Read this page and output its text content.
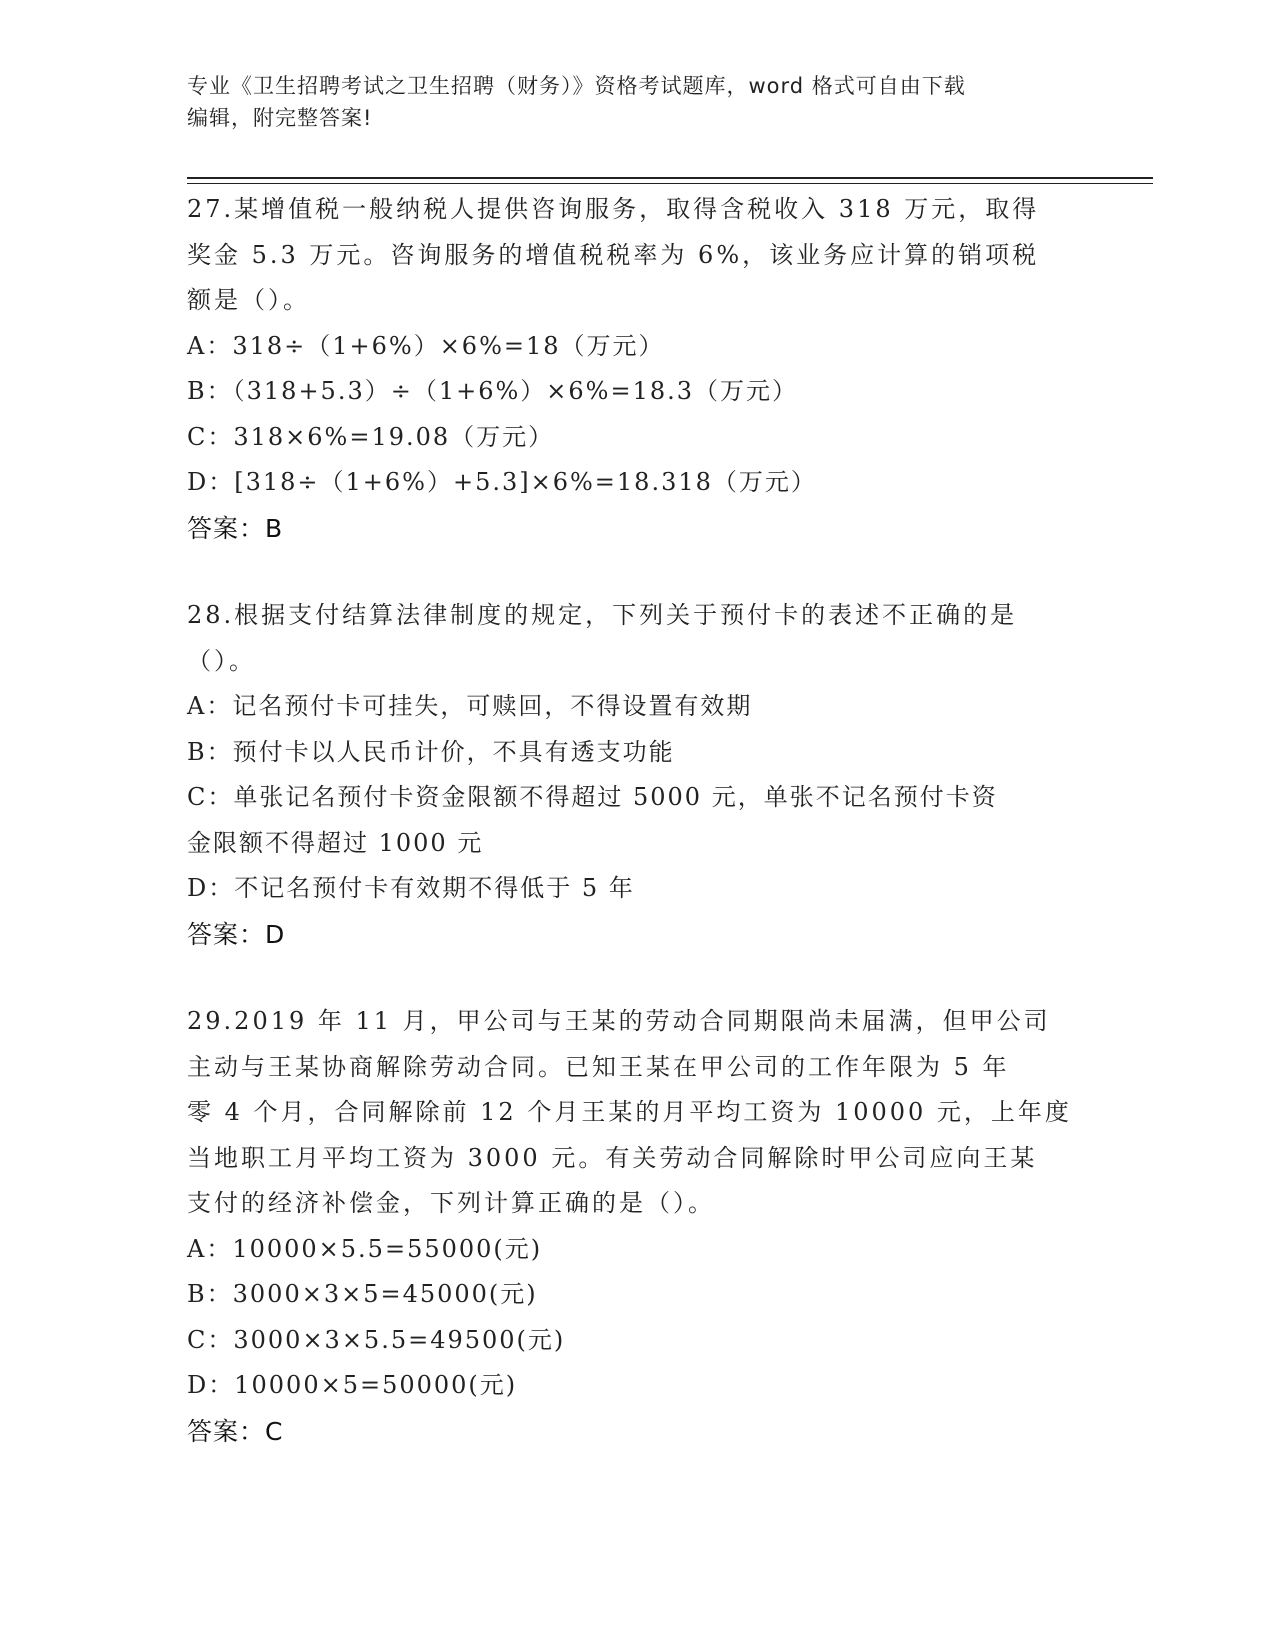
专业《卫生招聘考试之卫生招聘（财务）》资格考试题库，word 格式可自由下载
编辑，附完整答案!
27.某增值税一般纳税人提供咨询服务，取得含税收入 318 万元，取得
奖金 5.3 万元。咨询服务的增值税税率为 6%，该业务应计算的销项税
额是（）。
A：318÷（1+6%）×6%=18（万元）
B：（318+5.3）÷（1+6%）×6%=18.3（万元）
C：318×6%=19.08（万元）
D：[318÷（1+6%）+5.3]×6%=18.318（万元）
答案：B
28.根据支付结算法律制度的规定，下列关于预付卡的表述不正确的是
（）。
A：记名预付卡可挂失，可赎回，不得设置有效期
B：预付卡以人民币计价，不具有透支功能
C：单张记名预付卡资金限额不得超过 5000 元，单张不记名预付卡资
金限额不得超过 1000 元
D：不记名预付卡有效期不得低于 5 年
答案：D
29.2019 年 11 月，甲公司与王某的劳动合同期限尚未届满，但甲公司
主动与王某协商解除劳动合同。已知王某在甲公司的工作年限为 5 年
零 4 个月，合同解除前 12 个月王某的月平均工资为 10000 元，上年度
当地职工月平均工资为 3000 元。有关劳动合同解除时甲公司应向王某
支付的经济补偿金，下列计算正确的是（）。
A：10000×5.5=55000(元)
B：3000×3×5=45000(元)
C：3000×3×5.5=49500(元)
D：10000×5=50000(元)
答案：C
